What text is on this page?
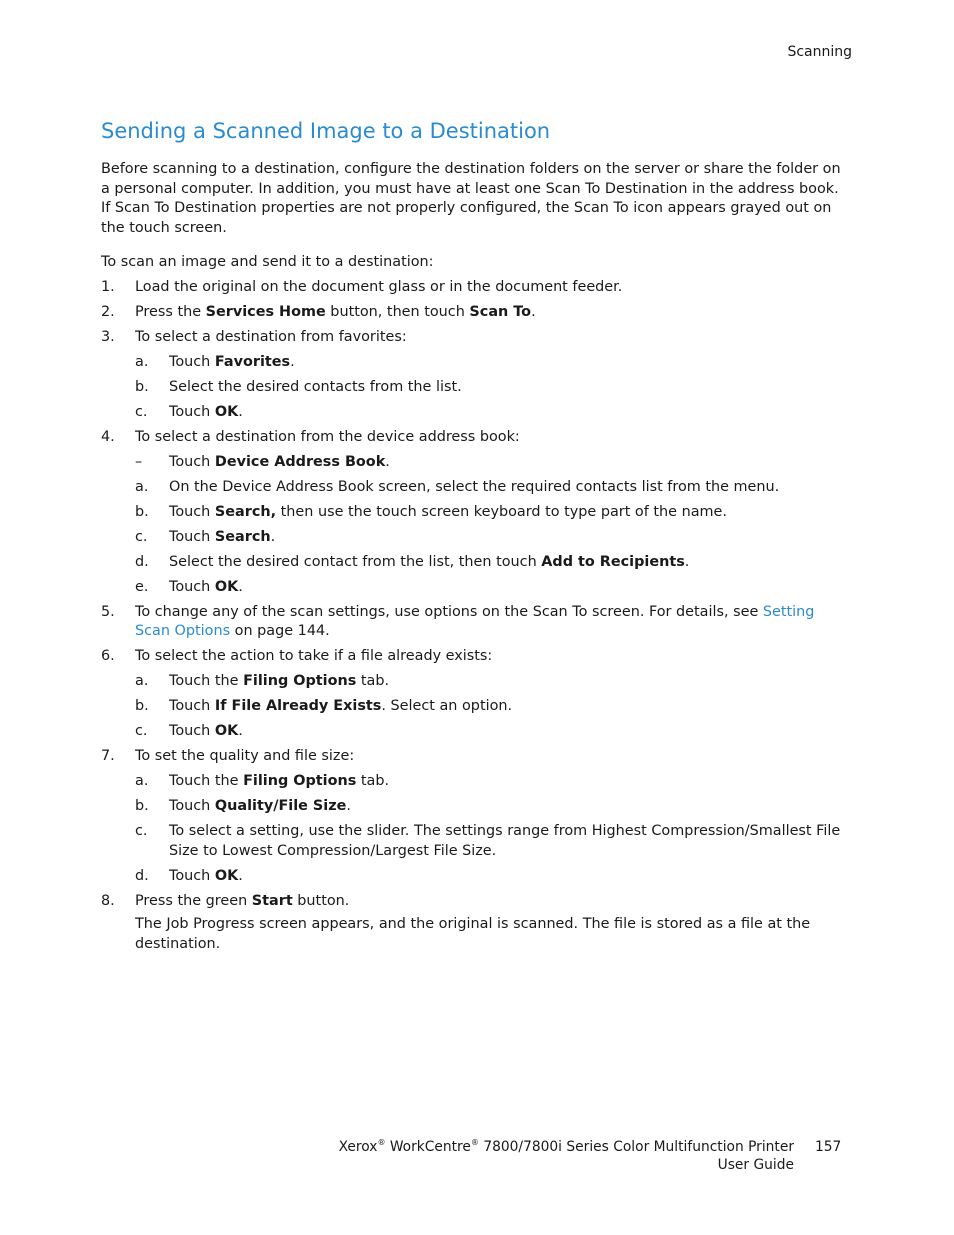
Scanning
Sending a Scanned Image to a Destination

Before scanning to a destination, configure the destination folders on the server or share the folder on a personal computer. In addition, you must have at least one Scan To Destination in the address book. If Scan To Destination properties are not properly configured, the Scan To icon appears grayed out on the touch screen.

To scan an image and send it to a destination:

1. Load the original on the document glass or in the document feeder.
2. Press the Services Home button, then touch Scan To.
3. To select a destination from favorites:
a. Touch Favorites.
b. Select the desired contacts from the list.
c. Touch OK.
4. To select a destination from the device address book:
– Touch Device Address Book.
a. On the Device Address Book screen, select the required contacts list from the menu.
b. Touch Search, then use the touch screen keyboard to type part of the name.
c. Touch Search.
d. Select the desired contact from the list, then touch Add to Recipients.
e. Touch OK.
5. To change any of the scan settings, use options on the Scan To screen. For details, see Setting Scan Options on page 144.
6. To select the action to take if a file already exists:
a. Touch the Filing Options tab.
b. Touch If File Already Exists. Select an option.
c. Touch OK.
7. To set the quality and file size:
a. Touch the Filing Options tab.
b. Touch Quality/File Size.
c. To select a setting, use the slider. The settings range from Highest Compression/Smallest File Size to Lowest Compression/Largest File Size.
d. Touch OK.
8. Press the green Start button.
The Job Progress screen appears, and the original is scanned. The file is stored as a file at the destination.
Xerox® WorkCentre® 7800/7800i Series Color Multifunction Printer
User Guide
157
